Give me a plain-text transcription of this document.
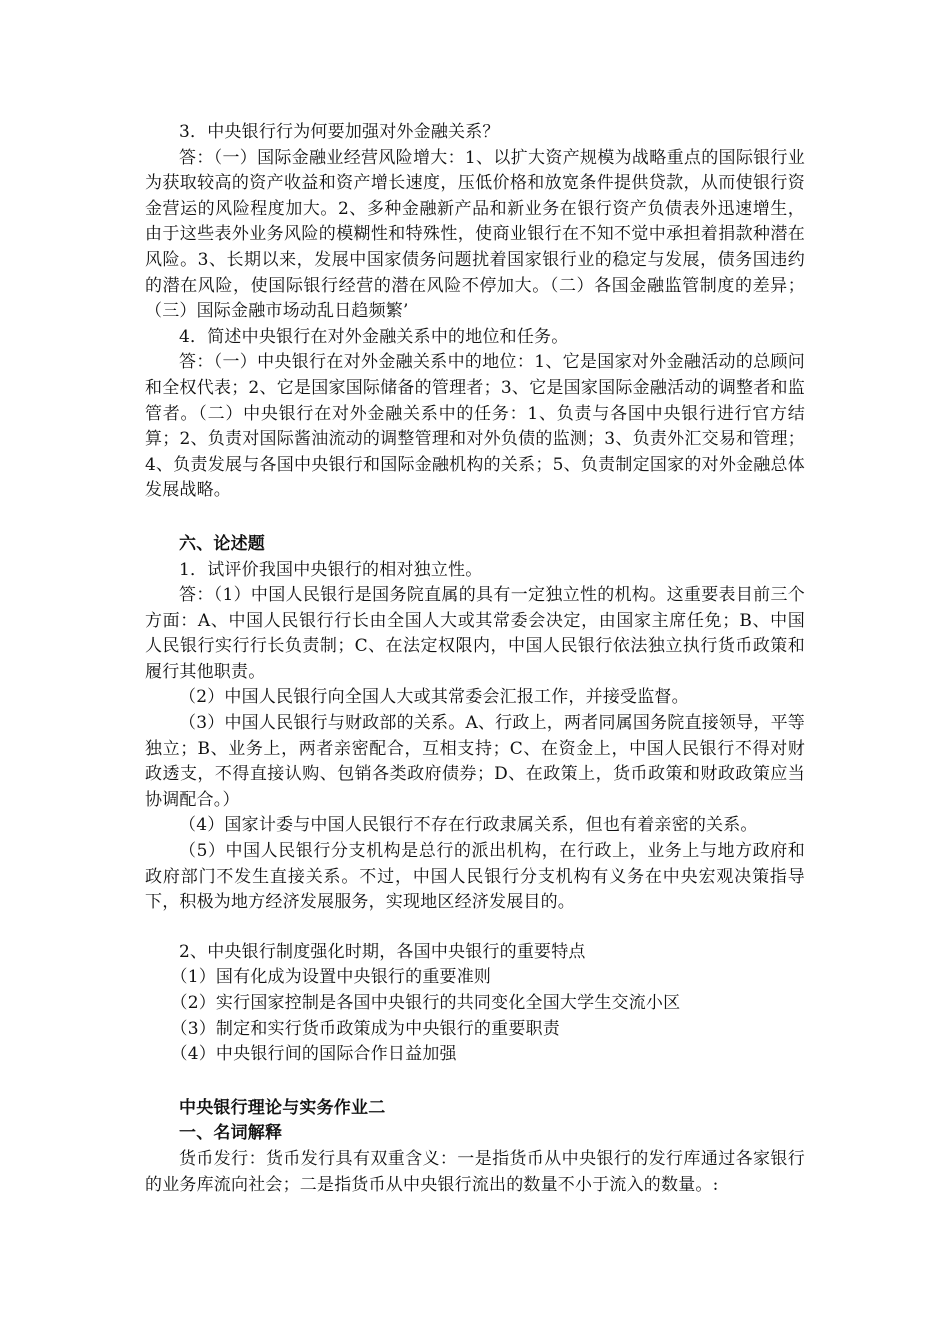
3．中央银行行为何要加强对外金融关系？

答：（一）国际金融业经营风险增大：1、以扩大资产规模为战略重点的国际银行业为获取较高的资产收益和资产增长速度，压低价格和放宽条件提供贷款，从而使银行资金营运的风险程度加大。2、多种金融新产品和新业务在银行资产负债表外迅速增生，由于这些表外业务风险的模糊性和特殊性，使商业银行在不知不觉中承担着捐款种潜在风险。3、长期以来，发展中国家债务问题扰着国家银行业的稳定与发展，债务国违约的潜在风险，使国际银行经营的潜在风险不停加大。（二）各国金融监管制度的差异；（三）国际金融市场动乱日趋频繁’

4．简述中央银行在对外金融关系中的地位和任务。

答：（一）中央银行在对外金融关系中的地位：1、它是国家对外金融活动的总顾问和全权代表；2、它是国家国际储备的管理者；3、它是国家国际金融活动的调整者和监管者。（二）中央银行在对外金融关系中的任务：1、负责与各国中央银行进行官方结算；2、负责对国际酱油流动的调整管理和对外负债的监测；3、负责外汇交易和管理；4、负责发展与各国中央银行和国际金融机构的关系；5、负责制定国家的对外金融总体发展战略。

六、论述题

1．试评价我国中央银行的相对独立性。

答：（1）中国人民银行是国务院直属的具有一定独立性的机构。这重要表目前三个方面：A、中国人民银行行长由全国人大或其常委会决定，由国家主席任免；B、中国人民银行实行行长负责制；C、在法定权限内，中国人民银行依法独立执行货币政策和履行其他职责。

（2）中国人民银行向全国人大或其常委会汇报工作，并接受监督。

（3）中国人民银行与财政部的关系。A、行政上，两者同属国务院直接领导，平等独立；B、业务上，两者亲密配合，互相支持；C、在资金上，中国人民银行不得对财政透支，不得直接认购、包销各类政府债券；D、在政策上，货币政策和财政政策应当协调配合。）

（4）国家计委与中国人民银行不存在行政隶属关系，但也有着亲密的关系。

（5）中国人民银行分支机构是总行的派出机构，在行政上，业务上与地方政府和政府部门不发生直接关系。不过，中国人民银行分支机构有义务在中央宏观决策指导下，积极为地方经济发展服务，实现地区经济发展目的。

2、中央银行制度强化时期，各国中央银行的重要特点

（1）国有化成为设置中央银行的重要准则

（2）实行国家控制是各国中央银行的共同变化全国大学生交流小区

（3）制定和实行货币政策成为中央银行的重要职责

（4）中央银行间的国际合作日益加强

中央银行理论与实务作业二

一、名词解释

货币发行：货币发行具有双重含义：一是指货币从中央银行的发行库通过各家银行的业务库流向社会；二是指货币从中央银行流出的数量不小于流入的数量。:
